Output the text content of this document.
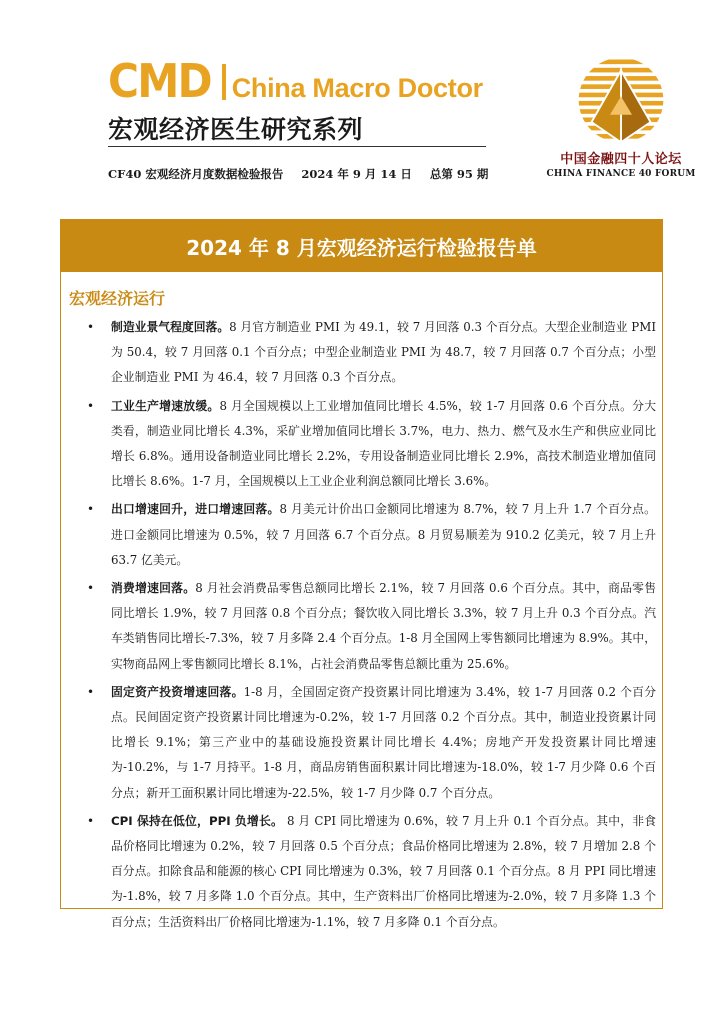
CMD China Macro Doctor
宏观经济医生研究系列
CF40 宏观经济月度数据检验报告 2024 年 9 月 14 日 总第 95 期
中国金融四十人论坛
CHINA FINANCE 40 FORUM
2024 年 8 月宏观经济运行检验报告单
宏观经济运行
• 制造业景气程度回落。8 月官方制造业 PMI 为 49.1，较 7 月回落 0.3 个百分点。大型企业制造业 PMI 为 50.4，较 7 月回落 0.1 个百分点；中型企业制造业 PMI 为 48.7，较 7 月回落 0.7 个百分点；小型企业制造业 PMI 为 46.4，较 7 月回落 0.3 个百分点。
• 工业生产增速放缓。8 月全国规模以上工业增加值同比增长 4.5%，较 1-7 月回落 0.6 个百分点。分大类看，制造业同比增长 4.3%，采矿业增加值同比增长 3.7%，电力、热力、燃气及水生产和供应业同比增长 6.8%。通用设备制造业同比增长 2.2%，专用设备制造业同比增长 2.9%，高技术制造业增加值同比增长 8.6%。1-7 月，全国规模以上工业企业利润总额同比增长 3.6%。
• 出口增速回升，进口增速回落。8 月美元计价出口金额同比增速为 8.7%，较 7 月上升 1.7 个百分点。进口金额同比增速为 0.5%，较 7 月回落 6.7 个百分点。8 月贸易顺差为 910.2 亿美元，较 7 月上升 63.7 亿美元。
• 消费增速回落。8 月社会消费品零售总额同比增长 2.1%，较 7 月回落 0.6 个百分点。其中，商品零售同比增长 1.9%，较 7 月回落 0.8 个百分点；餐饮收入同比增长 3.3%，较 7 月上升 0.3 个百分点。汽车类销售同比增长-7.3%，较 7 月多降 2.4 个百分点。1-8 月全国网上零售额同比增速为 8.9%。其中，实物商品网上零售额同比增长 8.1%，占社会消费品零售总额比重为 25.6%。
• 固定资产投资增速回落。1-8 月，全国固定资产投资累计同比增速为 3.4%，较 1-7 月回落 0.2 个百分点。民间固定资产投资累计同比增速为-0.2%，较 1-7 月回落 0.2 个百分点。其中，制造业投资累计同比增长 9.1%；第三产业中的基础设施投资累计同比增长 4.4%；房地产开发投资累计同比增速为-10.2%，与 1-7 月持平。1-8 月，商品房销售面积累计同比增速为-18.0%，较 1-7 月少降 0.6 个百分点；新开工面积累计同比增速为-22.5%，较 1-7 月少降 0.7 个百分点。
• CPI 保持在低位，PPI 负增长。 8 月 CPI 同比增速为 0.6%，较 7 月上升 0.1 个百分点。其中，非食品价格同比增速为 0.2%，较 7 月回落 0.5 个百分点；食品价格同比增速为 2.8%，较 7 月增加 2.8 个百分点。扣除食品和能源的核心 CPI 同比增速为 0.3%，较 7 月回落 0.1 个百分点。8 月 PPI 同比增速为-1.8%，较 7 月多降 1.0 个百分点。其中，生产资料出厂价格同比增速为-2.0%，较 7 月多降 1.3 个百分点；生活资料出厂价格同比增速为-1.1%，较 7 月多降 0.1 个百分点。
